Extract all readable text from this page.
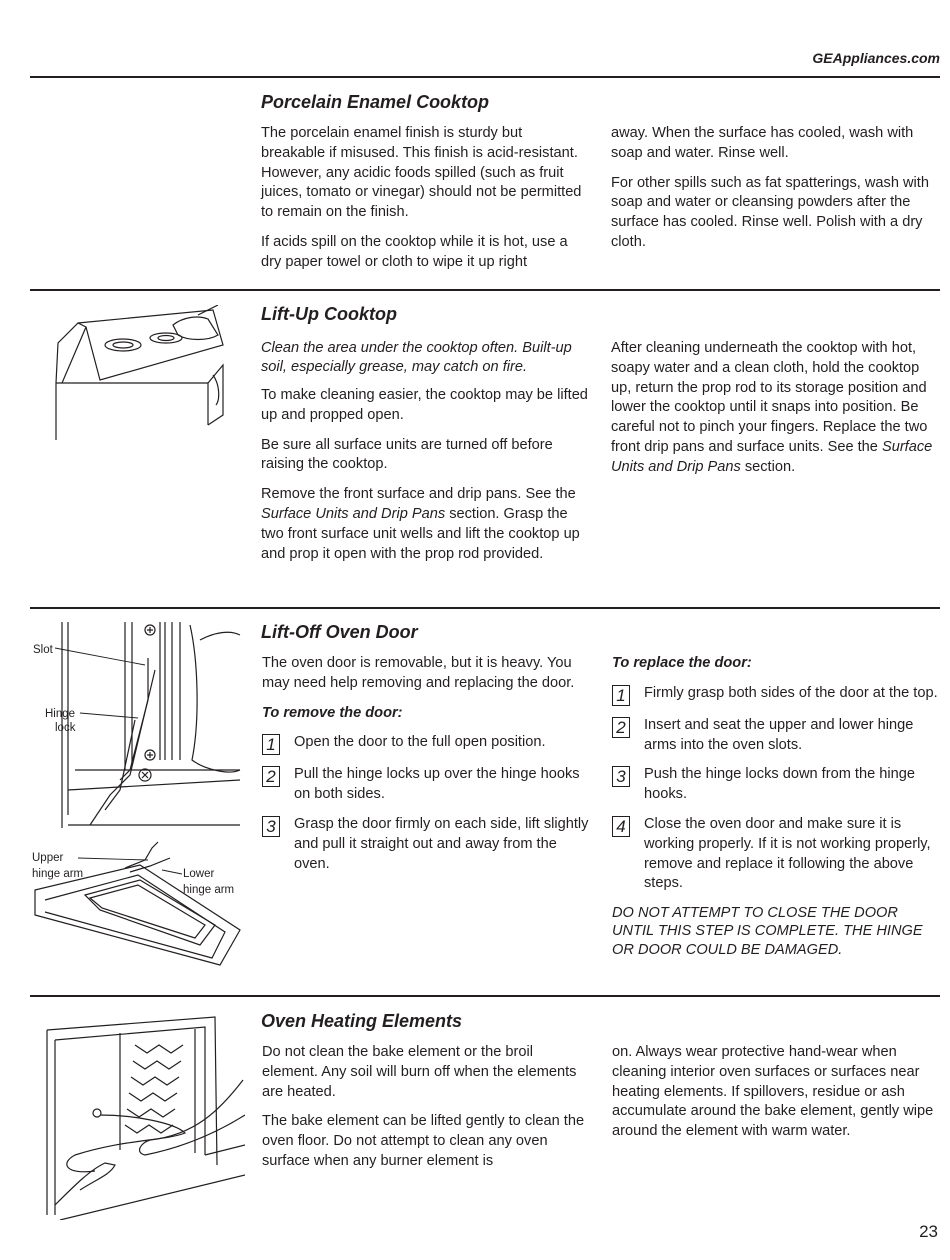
GEAppliances.com
Porcelain Enamel Cooktop

The porcelain enamel finish is sturdy but breakable if misused. This finish is acid-resistant. However, any acidic foods spilled (such as fruit juices, tomato or vinegar) should not be permitted to remain on the finish.

If acids spill on the cooktop while it is hot, use a dry paper towel or cloth to wipe it up right

away. When the surface has cooled, wash with soap and water. Rinse well.

For other spills such as fat spatterings, wash with soap and water or cleansing powders after the surface has cooled. Rinse well. Polish with a dry cloth.

Lift-Up Cooktop

Clean the area under the cooktop often. Built-up soil, especially grease, may catch on fire.

To make cleaning easier, the cooktop may be lifted up and propped open.

Be sure all surface units are turned off before raising the cooktop.

Remove the front surface and drip pans. See the Surface Units and Drip Pans section. Grasp the two front surface unit wells and lift the cooktop up and prop it open with the prop rod provided.

After cleaning underneath the cooktop with hot, soapy water and a clean cloth, hold the cooktop up, return the prop rod to its storage position and lower the cooktop until it snaps into position. Be careful not to pinch your fingers. Replace the two front drip pans and surface units. See the Surface Units and Drip Pans section.

Slot
Hinge
lock
Upper
hinge arm	Lower
hinge arm
Lift-Off Oven Door

The oven door is removable, but it is heavy. You may need help removing and replacing the door.

To remove the door:
1 Open the door to the full open position.
2 Pull the hinge locks up over the hinge hooks on both sides.
3 Grasp the door firmly on each side, lift slightly and pull it straight out and away from the oven.
To replace the door:
1 Firmly grasp both sides of the door at the top.
2 Insert and seat the upper and lower hinge arms into the oven slots.
3 Push the hinge locks down from the hinge hooks.
4 Close the oven door and make sure it is working properly. If it is not working properly, remove and replace it following the above steps.

DO NOT ATTEMPT TO CLOSE THE DOOR UNTIL THIS STEP IS COMPLETE. THE HINGE OR DOOR COULD BE DAMAGED.

Oven Heating Elements

Do not clean the bake element or the broil element. Any soil will burn off when the elements are heated.

The bake element can be lifted gently to clean the oven floor. Do not attempt to clean any oven surface when any burner element is

on. Always wear protective hand-wear when cleaning interior oven surfaces or surfaces near heating elements. If spillovers, residue or ash accumulate around the bake element, gently wipe around the element with warm water.

23
